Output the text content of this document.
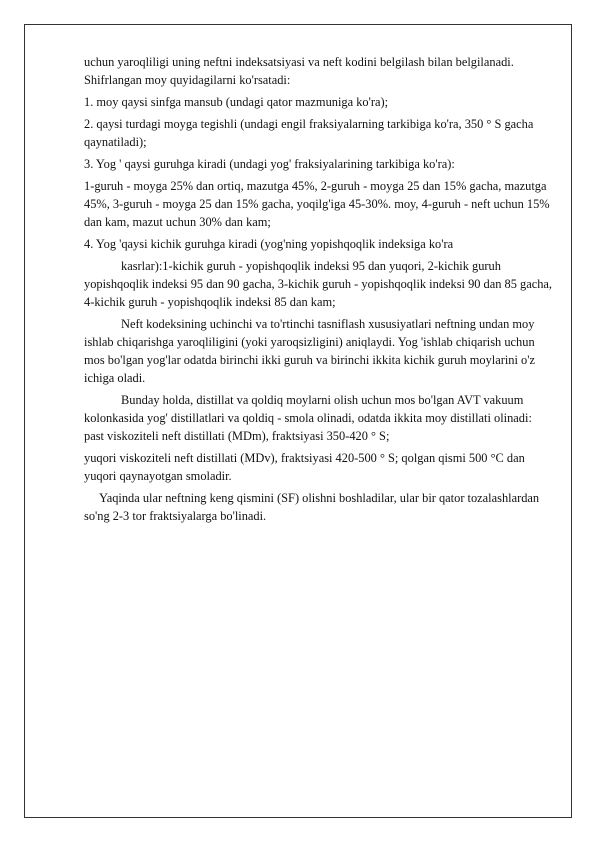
uchun yaroqliligi uning neftni indeksatsiyasi va neft kodini belgilash bilan belgilanadi. Shifrlangan moy quyidagilarni ko'rsatadi:

1. moy qaysi sinfga mansub (undagi qator mazmuniga ko'ra);

2. qaysi turdagi moyga tegishli (undagi engil fraksiyalarning tarkibiga ko'ra, 350 ° S gacha qaynatiladi);

3. Yog ' qaysi guruhga kiradi (undagi yog' fraksiyalarining tarkibiga ko'ra):

1-guruh - moyga 25% dan ortiq, mazutga 45%, 2-guruh - moyga 25 dan 15% gacha, mazutga 45%, 3-guruh - moyga 25 dan 15% gacha, yoqilg'iga 45-30%. moy, 4-guruh - neft uchun 15% dan kam, mazut uchun 30% dan kam;

4. Yog 'qaysi kichik guruhga kiradi (yog'ning yopishqoqlik indeksiga ko'ra

kasrlar):1-kichik guruh - yopishqoqlik indeksi 95 dan yuqori, 2-kichik guruh yopishqoqlik indeksi 95 dan 90 gacha, 3-kichik guruh - yopishqoqlik indeksi 90 dan 85 gacha, 4-kichik guruh - yopishqoqlik indeksi 85 dan kam;

Neft kodeksining uchinchi va to'rtinchi tasniflash xususiyatlari neftning undan moy ishlab chiqarishga yaroqliligini (yoki yaroqsizligini) aniqlaydi. Yog 'ishlab chiqarish uchun mos bo'lgan yog'lar odatda birinchi ikki guruh va birinchi ikkita kichik guruh moylarini o'z ichiga oladi.

Bunday holda, distillat va qoldiq moylarni olish uchun mos bo'lgan AVT vakuum kolonkasida yog' distillatlari va qoldiq - smola olinadi, odatda ikkita moy distillati olinadi: past viskoziteli neft distillati (MDm), fraktsiyasi 350-420 ° S;

yuqori viskoziteli neft distillati (MDv), fraktsiyasi 420-500 ° S; qolgan qismi 500 °C dan yuqori qaynayotgan smoladir.

Yaqinda ular neftning keng qismini (SF) olishni boshladilar, ular bir qator tozalashlardan so'ng 2-3 tor fraktsiyalarga bo'linadi.
